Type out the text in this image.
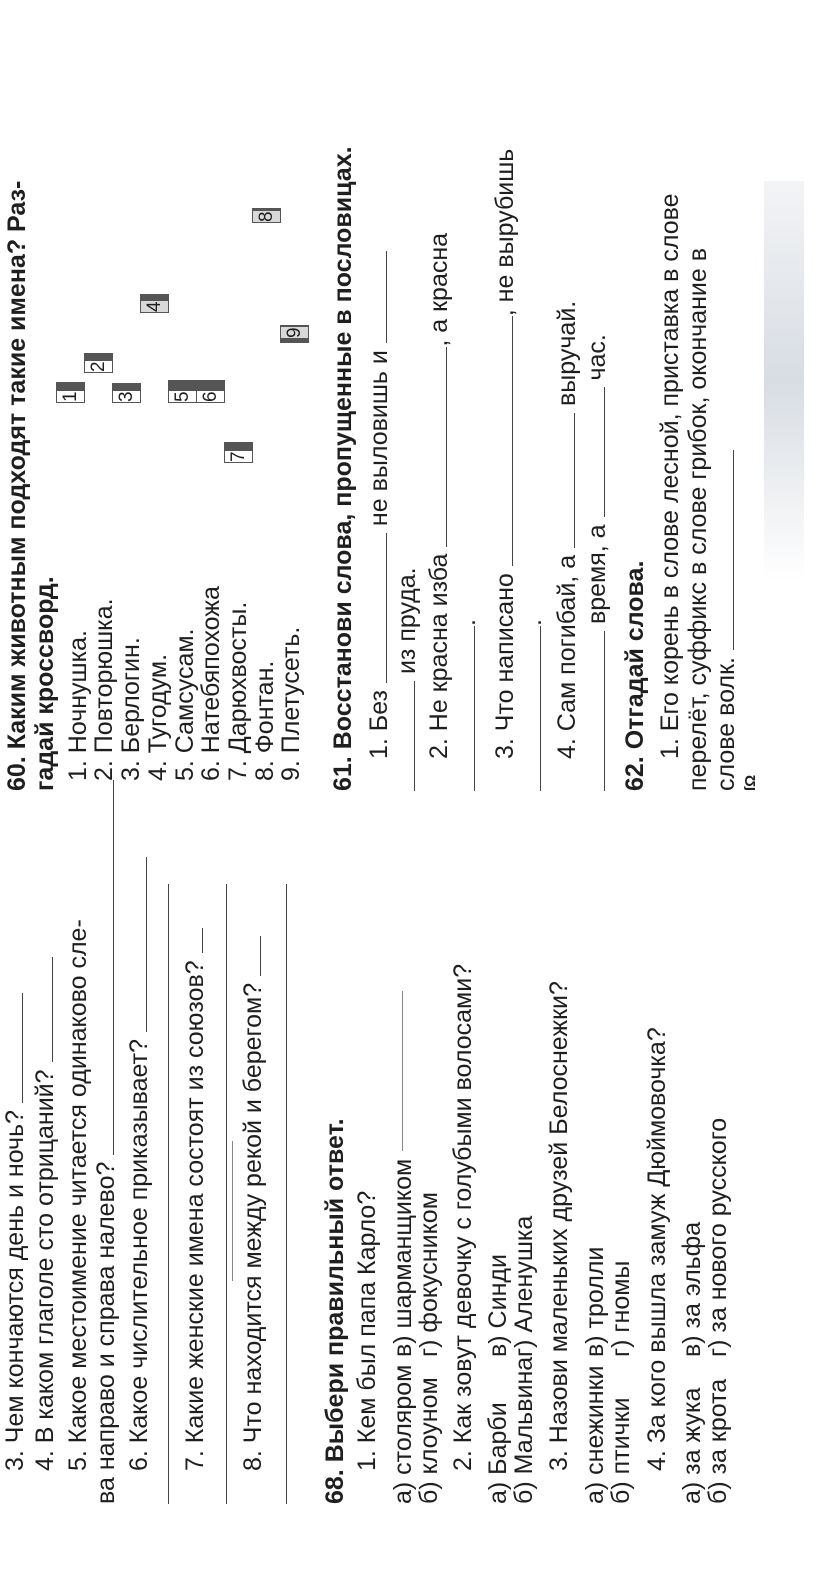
3. Чем кончаются день и ночь?
4. В каком глаголе сто отрицаний?
5. Какое местоимение читается одинаково сле- ва направо и справа налево? 6. Какое числительное приказывает?
7. Какие женские имена состоят из союзов?
8. Что находится между рекой и берегом? 68. Выбери правильный ответ. 1. Кем был папа Карло? а) столяром
б) клоуном
в) шарманщиком
г) фокусником 2. Как зовут девочку с голубыми волосами? а) Барби
б) Мальвина
в) Синди
г) Аленушка 3. Назови маленьких друзей Белоснежки? а) снежинки
б) птички
в) тролли
г) гномы 4. За кого вышла замуж Дюймовочка? а) за жука
б) за крота
в) за эльфа
г) за нового русского
60. Каким животным подходят такие имена? Раз- гадай кроссворд. 1. Ночнушка.
2. Повторюшка. 3. Берлогин. 4. Тугодум. 5. Самсусам.
6. Натебяпохожа 7. Дарюхвосты. 8. Фонтан.
9. Плетусеть.
1								
2							
3							
4						
5										6										
7								
8		
				9	61. Восстанови слова, пропущенные в пословицах. 1. Без  не выловишь и
из пруда. 2. Не красна изба , а красна
. 3. Что написано , не вырубишь
. 4. Сам погибай, а  выручай.
время, а  час.
62. Отгадай слова. 1. Его корень в слове лесной, приставка в слове перелёт, суффикс в слове грибок, окончание в слове волк. ſΩ
